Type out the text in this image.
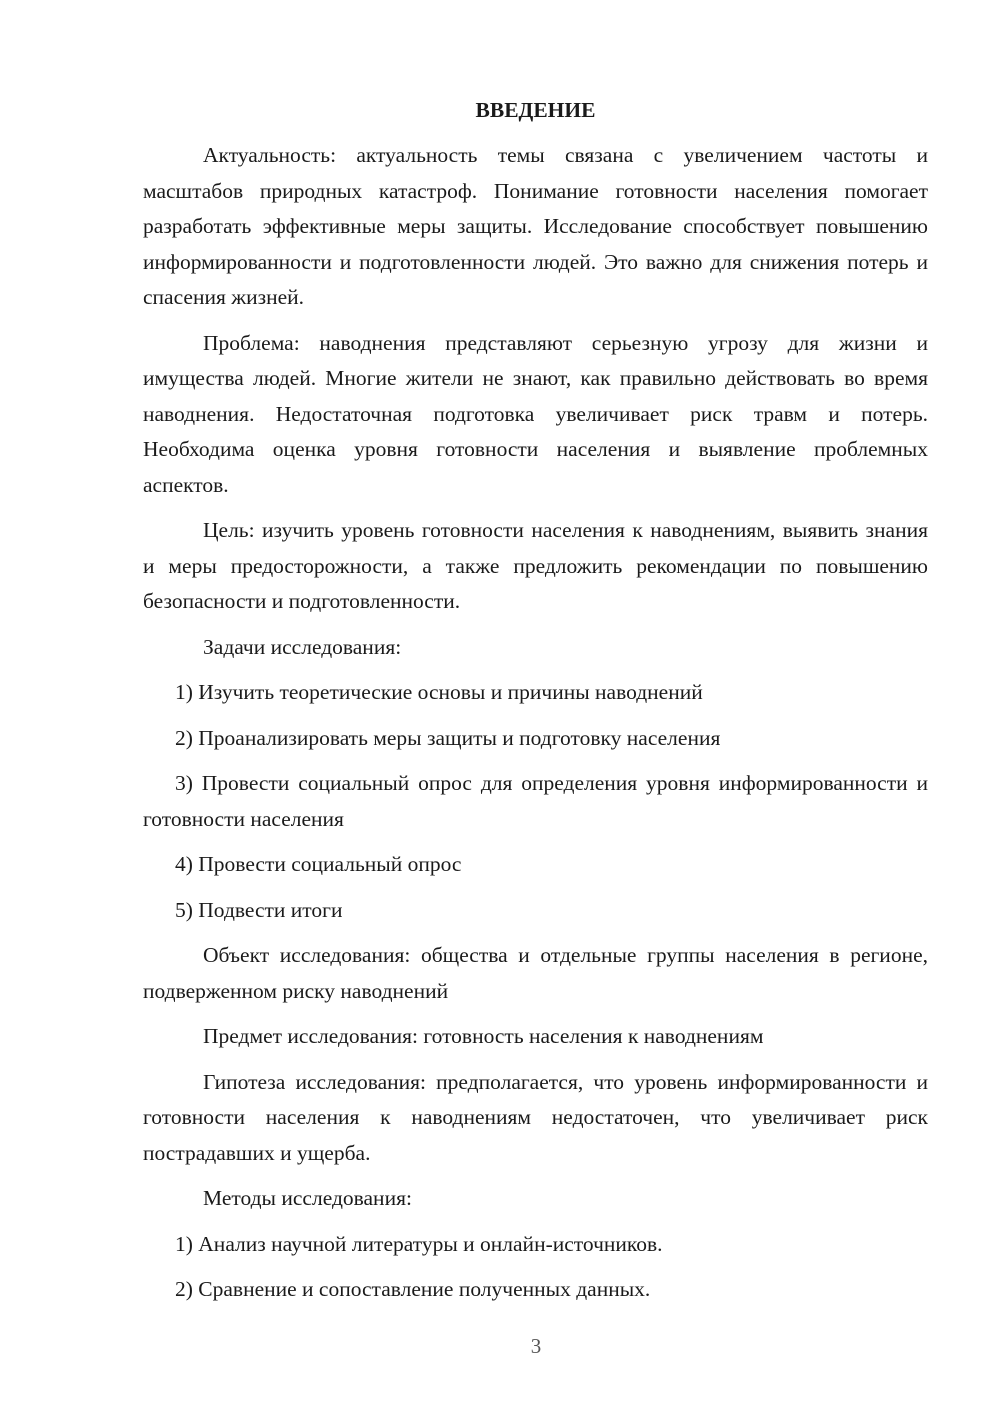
ВВЕДЕНИЕ

Актуальность: актуальность темы связана с увеличением частоты и масштабов природных катастроф. Понимание готовности населения помогает разработать эффективные меры защиты. Исследование способствует повышению информированности и подготовленности людей. Это важно для снижения потерь и спасения жизней.

Проблема: наводнения представляют серьезную угрозу для жизни и имущества людей. Многие жители не знают, как правильно действовать во время наводнения. Недостаточная подготовка увеличивает риск травм и потерь. Необходима оценка уровня готовности населения и выявление проблемных аспектов.

Цель: изучить уровень готовности населения к наводнениям, выявить знания и меры предосторожности, а также предложить рекомендации по повышению безопасности и подготовленности.

Задачи исследования:

1) Изучить теоретические основы и причины наводнений

2) Проанализировать меры защиты и подготовку населения

3) Провести социальный опрос для определения уровня информированности и готовности населения

4) Провести социальный опрос

5) Подвести итоги

Объект исследования: общества и отдельные группы населения в регионе, подверженном риску наводнений

Предмет исследования: готовность населения к наводнениям

Гипотеза исследования: предполагается, что уровень информированности и готовности населения к наводнениям недостаточен, что увеличивает риск пострадавших и ущерба.

Методы исследования:

1) Анализ научной литературы и онлайн-источников.

2) Сравнение и сопоставление полученных данных.

3
